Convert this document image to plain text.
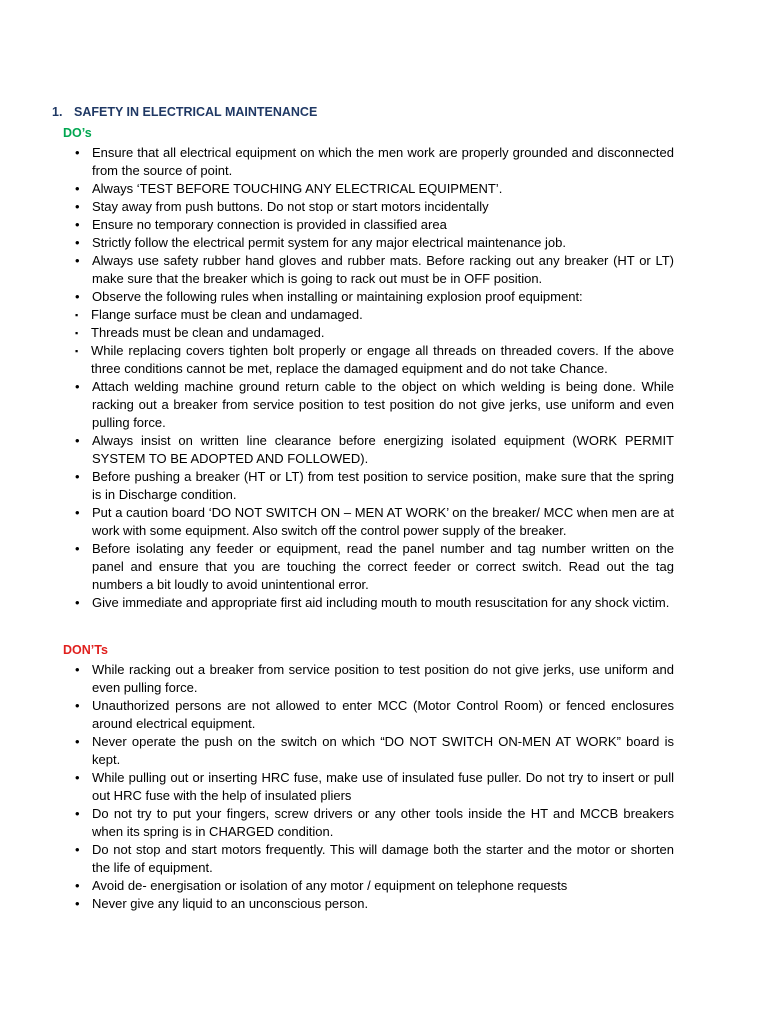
1. SAFETY IN ELECTRICAL MAINTENANCE
DO’s
• Ensure that all electrical equipment on which the men work are properly grounded and disconnected from the source of point.
• Always ‘TEST BEFORE TOUCHING ANY ELECTRICAL EQUIPMENT’.
• Stay away from push buttons. Do not stop or start motors incidentally
• Ensure no temporary connection is provided in classified area
• Strictly follow the electrical permit system for any major electrical maintenance job.
• Always use safety rubber hand gloves and rubber mats. Before racking out any breaker (HT or LT) make sure that the breaker which is going to rack out must be in OFF position.
• Observe the following rules when installing or maintaining explosion proof equipment:
▪ Flange surface must be clean and undamaged.
▪ Threads must be clean and undamaged.
▪ While replacing covers tighten bolt properly or engage all threads on threaded covers. If the above three conditions cannot be met, replace the damaged equipment and do not take Chance.
• Attach welding machine ground return cable to the object on which welding is being done. While racking out a breaker from service position to test position do not give jerks, use uniform and even pulling force.
• Always insist on written line clearance before energizing isolated equipment (WORK PERMIT SYSTEM TO BE ADOPTED AND FOLLOWED).
• Before pushing a breaker (HT or LT) from test position to service position, make sure that the spring is in Discharge condition.
• Put a caution board ‘DO NOT SWITCH ON – MEN AT WORK’ on the breaker/ MCC when men are at work with some equipment. Also switch off the control power supply of the breaker.
• Before isolating any feeder or equipment, read the panel number and tag number written on the panel and ensure that you are touching the correct feeder or correct switch. Read out the tag numbers a bit loudly to avoid unintentional error.
• Give immediate and appropriate first aid including mouth to mouth resuscitation for any shock victim.
DON’Ts
• While racking out a breaker from service position to test position do not give jerks, use uniform and even pulling force.
• Unauthorized persons are not allowed to enter MCC (Motor Control Room) or fenced enclosures around electrical equipment.
• Never operate the push on the switch on which “DO NOT SWITCH ON-MEN AT WORK” board is kept.
• While pulling out or inserting HRC fuse, make use of insulated fuse puller. Do not try to insert or pull out HRC fuse with the help of insulated pliers
• Do not try to put your fingers, screw drivers or any other tools inside the HT and MCCB breakers when its spring is in CHARGED condition.
• Do not stop and start motors frequently. This will damage both the starter and the motor or shorten the life of equipment.
• Avoid de- energisation or isolation of any motor / equipment on telephone requests
• Never give any liquid to an unconscious person.
